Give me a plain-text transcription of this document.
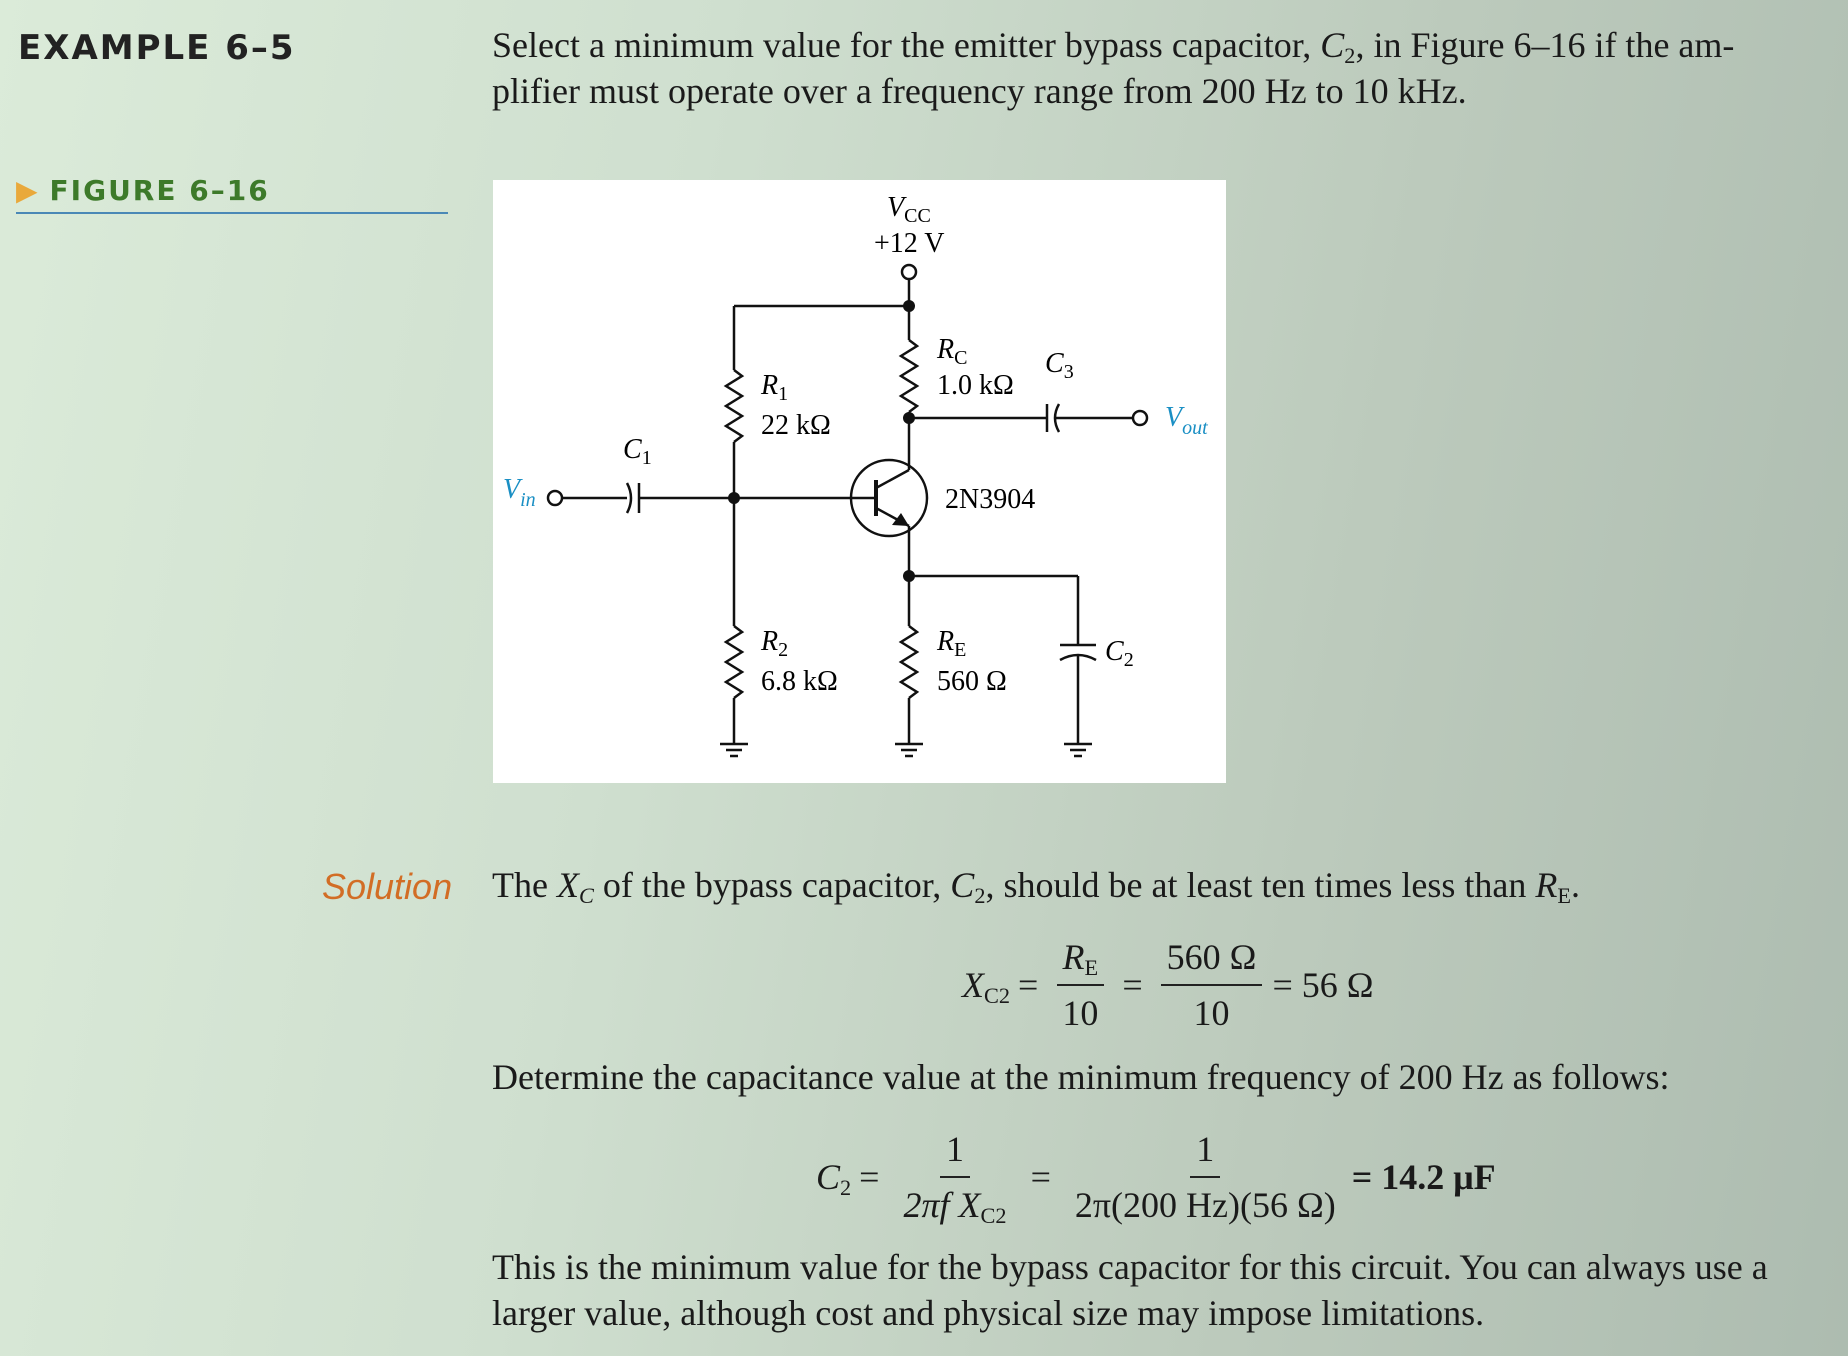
EXAMPLE 6–5	Select a minimum value for the emitter bypass capacitor, $C_2$, in Figure 6–16 if the am-plifier must operate over a frequency range from 200 Hz to 10 kHz.
▶ FIGURE 6–16
$V_{CC}$
+12 V
$R_1$
22 kΩ
$R_2$
6.8 kΩ
$R_C$
1.0 kΩ
$R_E$
560 Ω
$C_1$
$C_3$
$C_2$
2N3904
$V_{in}$
$V_{out}$
Solution The $X_C$ of the bypass capacitor, $C_2$, should be at least ten times less than $R_E$.
$X_{C2} = \frac{R_E}{10} = \frac{560 \Omega}{10} = 56$ Ω
Determine the capacitance value at the minimum frequency of 200 Hz as follows:
$C_2 = \frac{1}{2\pi f X_{C2}} = \frac{1}{2\pi(200 Hz)(56 \Omega)} = 14.2$ μF
This is the minimum value for the bypass capacitor for this circuit. You can always use a larger value, although cost and physical size may impose limitations.
